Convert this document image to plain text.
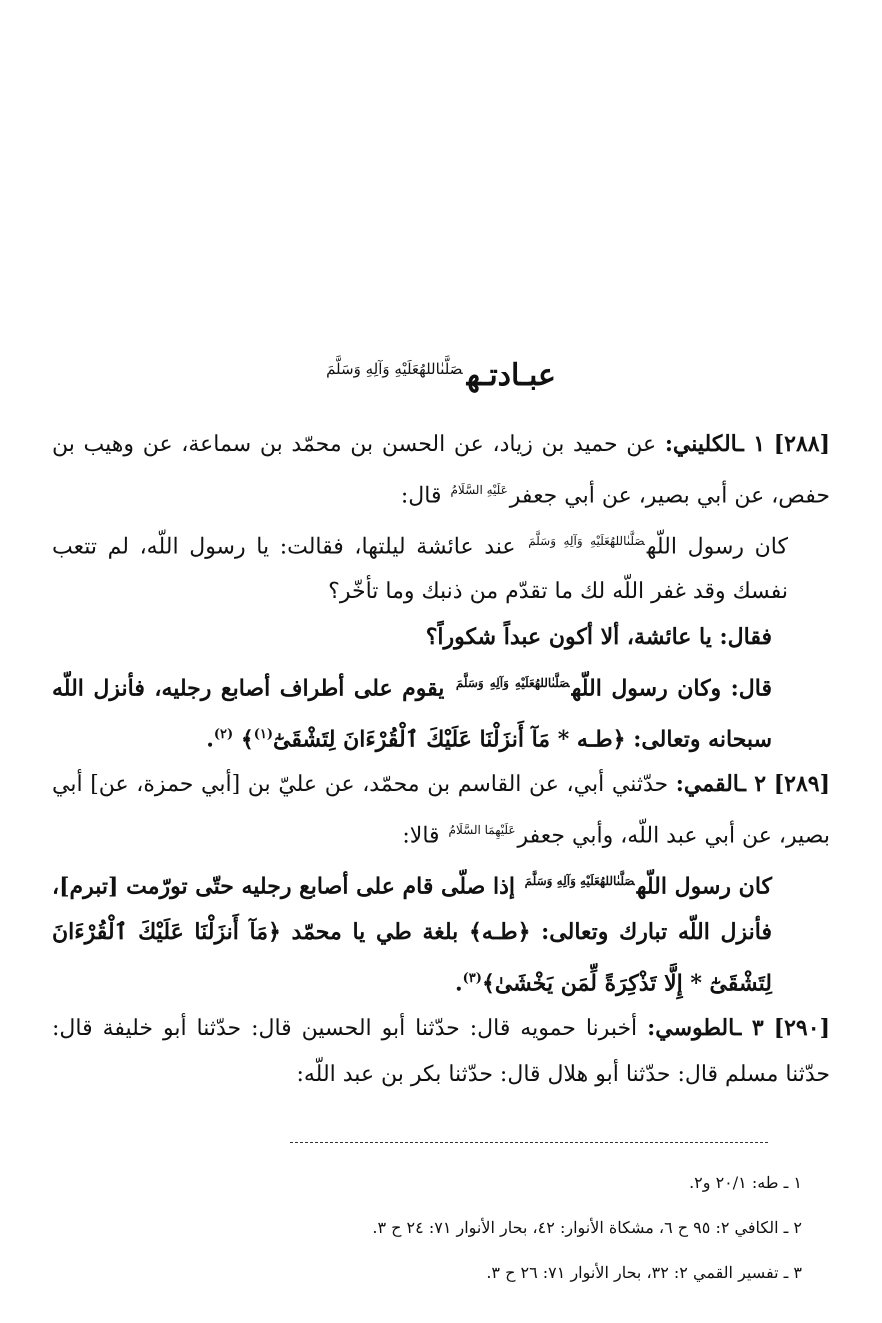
عبـادتـه$^{صَلَّىٰاللهُعَلَيْهِ وَآلِهِ وَسَلَّمَ}$

[٢٨٨] ١ ـالكليني: عن حميد بن زياد، عن الحسن بن محمّد بن سماعة، عن وهيب بن حفص، عن أبي بصير، عن أبي جعفر$^{عَلَيْهِ السَّلَامُ}$ قال:

كان رسول اللّه$^{صَلَّىٰاللهُعَلَيْهِ وَآلِهِ وَسَلَّمَ}$ عند عائشة ليلتها، فقالت: يا رسول اللّه، لم تتعب نفسك وقد غفر اللّه لك ما تقدّم من ذنبك وما تأخّر؟

فقال: يا عائشة، ألا أكون عبداً شكوراً؟

قال: وكان رسول اللّه$^{صَلَّىٰاللهُعَلَيْهِ وَآلِهِ وَسَلَّمَ}$ يقوم على أطراف أصابع رجليه، فأنزل اللّه سبحانه وتعالى: ﴿طـه * مَآ أَنزَلْنَا عَلَيْكَ ٱلْقُرْءَانَ لِتَشْقَىٰٓ$^{(١)}$﴾ $^{(٢)}$.

[٢٨٩] ٢ ـالقمي: حدّثني أبي، عن القاسم بن محمّد، عن عليّ بن [أبي حمزة، عن] أبي بصير، عن أبي عبد اللّه، وأبي جعفر$^{عَلَيْهِمَا السَّلَامُ}$ قالا:

كان رسول اللّه$^{صَلَّىٰاللهُعَلَيْهِ وَآلِهِ وَسَلَّمَ}$ إذا صلّى قام على أصابع رجليه حتّى تورّمت [تبرم]، فأنزل اللّه تبارك وتعالى: ﴿طـه﴾ بلغة طي يا محمّد ﴿مَآ أَنزَلْنَا عَلَيْكَ ٱلْقُرْءَانَ لِتَشْقَىٰٓ * إِلَّا تَذْكِرَةً لِّمَن يَخْشَىٰ﴾$^{(٣)}$.

[٢٩٠] ٣ ـالطوسي: أخبرنا حمويه قال: حدّثنا أبو الحسين قال: حدّثنا أبو خليفة قال: حدّثنا مسلم قال: حدّثنا أبو هلال قال: حدّثنا بكر بن عبد اللّه:

١ ـ طه: ٢٠/١ و٢.

٢ ـ الكافي ٢: ٩٥ ح ٦، مشكاة الأنوار: ٤٢، بحار الأنوار ٧١: ٢٤ ح ٣.

٣ ـ تفسير القمي ٢: ٣٢، بحار الأنوار ٧١: ٢٦ ح ٣.
